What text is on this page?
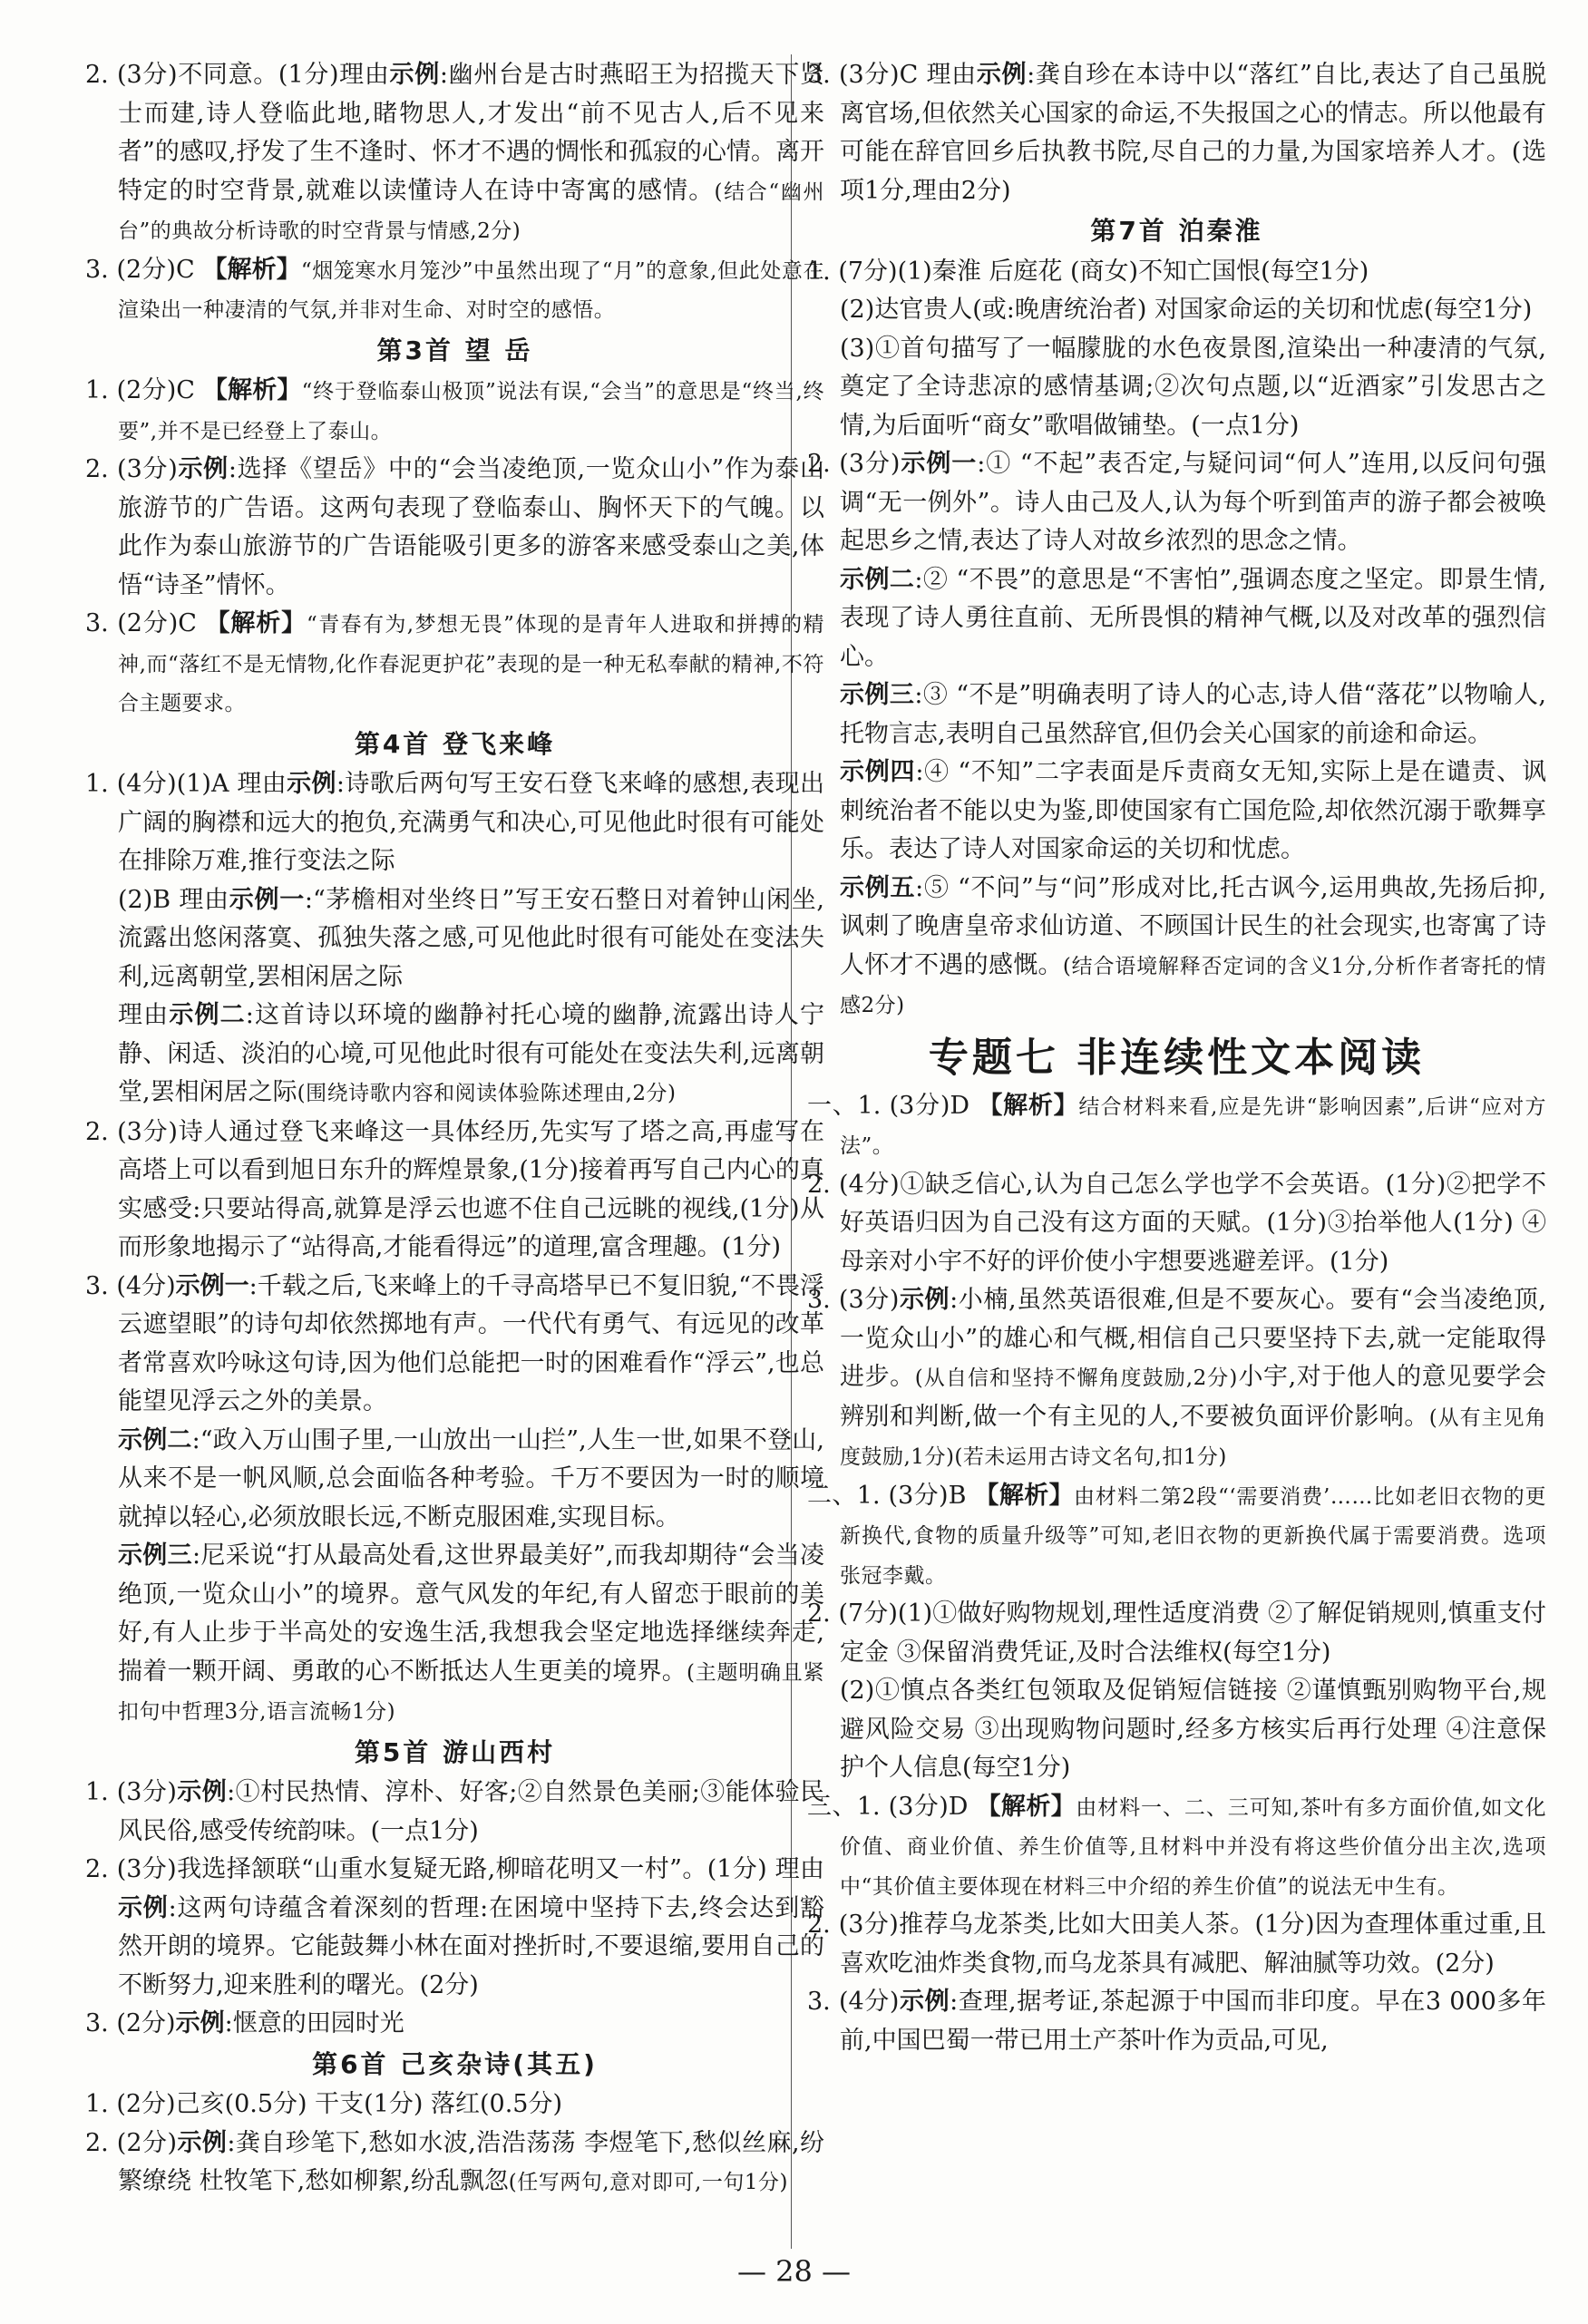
2. (3分)不同意。(1分)理由示例:幽州台是古时燕昭王为招揽天下贤士而建,诗人登临此地,睹物思人,才发出“前不见古人,后不见来者”的感叹,抒发了生不逢时、怀才不遇的惆怅和孤寂的心情。离开特定的时空背景,就难以读懂诗人在诗中寄寓的感情。(结合“幽州台”的典故分析诗歌的时空背景与情感,2分)

3. (2分)C 【解析】“烟笼寒水月笼沙”中虽然出现了“月”的意象,但此处意在渲染出一种凄清的气氛,并非对生命、对时空的感悟。

第3首 望 岳

1. (2分)C 【解析】“终于登临泰山极顶”说法有误,“会当”的意思是“终当,终要”,并不是已经登上了泰山。

2. (3分)示例:选择《望岳》中的“会当凌绝顶,一览众山小”作为泰山旅游节的广告语。这两句表现了登临泰山、胸怀天下的气魄。以此作为泰山旅游节的广告语能吸引更多的游客来感受泰山之美,体悟“诗圣”情怀。

3. (2分)C 【解析】“青春有为,梦想无畏”体现的是青年人进取和拼搏的精神,而“落红不是无情物,化作春泥更护花”表现的是一种无私奉献的精神,不符合主题要求。

第4首 登飞来峰

1. (4分)(1)A 理由示例:诗歌后两句写王安石登飞来峰的感想,表现出广阔的胸襟和远大的抱负,充满勇气和决心,可见他此时很有可能处在排除万难,推行变法之际

(2)B 理由示例一:“茅檐相对坐终日”写王安石整日对着钟山闲坐,流露出悠闲落寞、孤独失落之感,可见他此时很有可能处在变法失利,远离朝堂,罢相闲居之际

理由示例二:这首诗以环境的幽静衬托心境的幽静,流露出诗人宁静、闲适、淡泊的心境,可见他此时很有可能处在变法失利,远离朝堂,罢相闲居之际(围绕诗歌内容和阅读体验陈述理由,2分)

2. (3分)诗人通过登飞来峰这一具体经历,先实写了塔之高,再虚写在高塔上可以看到旭日东升的辉煌景象,(1分)接着再写自己内心的真实感受:只要站得高,就算是浮云也遮不住自己远眺的视线,(1分)从而形象地揭示了“站得高,才能看得远”的道理,富含理趣。(1分)

3. (4分)示例一:千载之后,飞来峰上的千寻高塔早已不复旧貌,“不畏浮云遮望眼”的诗句却依然掷地有声。一代代有勇气、有远见的改革者常喜欢吟咏这句诗,因为他们总能把一时的困难看作“浮云”,也总能望见浮云之外的美景。

示例二:“政入万山围子里,一山放出一山拦”,人生一世,如果不登山,从来不是一帆风顺,总会面临各种考验。千万不要因为一时的顺境就掉以轻心,必须放眼长远,不断克服困难,实现目标。

示例三:尼采说“打从最高处看,这世界最美好”,而我却期待“会当凌绝顶,一览众山小”的境界。意气风发的年纪,有人留恋于眼前的美好,有人止步于半高处的安逸生活,我想我会坚定地选择继续奔走,揣着一颗开阔、勇敢的心不断抵达人生更美的境界。(主题明确且紧扣句中哲理3分,语言流畅1分)

第5首 游山西村

1. (3分)示例:①村民热情、淳朴、好客;②自然景色美丽;③能体验民风民俗,感受传统韵味。(一点1分)

2. (3分)我选择颔联“山重水复疑无路,柳暗花明又一村”。(1分) 理由示例:这两句诗蕴含着深刻的哲理:在困境中坚持下去,终会达到豁然开朗的境界。它能鼓舞小林在面对挫折时,不要退缩,要用自己的不断努力,迎来胜利的曙光。(2分)

3. (2分)示例:惬意的田园时光

第6首 己亥杂诗(其五)

1. (2分)己亥(0.5分) 干支(1分) 落红(0.5分)

2. (2分)示例:龚自珍笔下,愁如水波,浩浩荡荡 李煜笔下,愁似丝麻,纷繁缭绕 杜牧笔下,愁如柳絮,纷乱飘忽(任写两句,意对即可,一句1分)

3. (3分)C 理由示例:龚自珍在本诗中以“落红”自比,表达了自己虽脱离官场,但依然关心国家的命运,不失报国之心的情志。所以他最有可能在辞官回乡后执教书院,尽自己的力量,为国家培养人才。(选项1分,理由2分)

第7首 泊秦淮

1. (7分)(1)秦淮 后庭花 (商女)不知亡国恨(每空1分)

(2)达官贵人(或:晚唐统治者) 对国家命运的关切和忧虑(每空1分)

(3)①首句描写了一幅朦胧的水色夜景图,渲染出一种凄清的气氛,奠定了全诗悲凉的感情基调;②次句点题,以“近酒家”引发思古之情,为后面听“商女”歌唱做铺垫。(一点1分)

2. (3分)示例一:① “不起”表否定,与疑问词“何人”连用,以反问句强调“无一例外”。诗人由己及人,认为每个听到笛声的游子都会被唤起思乡之情,表达了诗人对故乡浓烈的思念之情。

示例二:② “不畏”的意思是“不害怕”,强调态度之坚定。即景生情,表现了诗人勇往直前、无所畏惧的精神气概,以及对改革的强烈信心。

示例三:③ “不是”明确表明了诗人的心志,诗人借“落花”以物喻人,托物言志,表明自己虽然辞官,但仍会关心国家的前途和命运。

示例四:④ “不知”二字表面是斥责商女无知,实际上是在谴责、讽刺统治者不能以史为鉴,即使国家有亡国危险,却依然沉溺于歌舞享乐。表达了诗人对国家命运的关切和忧虑。

示例五:⑤ “不问”与“问”形成对比,托古讽今,运用典故,先扬后抑,讽刺了晚唐皇帝求仙访道、不顾国计民生的社会现实,也寄寓了诗人怀才不遇的感慨。(结合语境解释否定词的含义1分,分析作者寄托的情感2分)

专题七 非连续性文本阅读

一、1. (3分)D 【解析】结合材料来看,应是先讲“影响因素”,后讲“应对方法”。

2. (4分)①缺乏信心,认为自己怎么学也学不会英语。(1分)②把学不好英语归因为自己没有这方面的天赋。(1分)③抬举他人(1分) ④母亲对小宇不好的评价使小宇想要逃避差评。(1分)

3. (3分)示例:小楠,虽然英语很难,但是不要灰心。要有“会当凌绝顶,一览众山小”的雄心和气概,相信自己只要坚持下去,就一定能取得进步。(从自信和坚持不懈角度鼓励,2分)小宇,对于他人的意见要学会辨别和判断,做一个有主见的人,不要被负面评价影响。(从有主见角度鼓励,1分)(若未运用古诗文名句,扣1分)

二、1. (3分)B 【解析】由材料二第2段“‘需要消费’……比如老旧衣物的更新换代,食物的质量升级等”可知,老旧衣物的更新换代属于需要消费。选项张冠李戴。

2. (7分)(1)①做好购物规划,理性适度消费 ②了解促销规则,慎重支付定金 ③保留消费凭证,及时合法维权(每空1分)

(2)①慎点各类红包领取及促销短信链接 ②谨慎甄别购物平台,规避风险交易 ③出现购物问题时,经多方核实后再行处理 ④注意保护个人信息(每空1分)

三、1. (3分)D 【解析】由材料一、二、三可知,茶叶有多方面价值,如文化价值、商业价值、养生价值等,且材料中并没有将这些价值分出主次,选项中“其价值主要体现在材料三中介绍的养生价值”的说法无中生有。

2. (3分)推荐乌龙茶类,比如大田美人茶。(1分)因为查理体重过重,且喜欢吃油炸类食物,而乌龙茶具有减肥、解油腻等功效。(2分)

3. (4分)示例:查理,据考证,茶起源于中国而非印度。早在3 000多年前,中国巴蜀一带已用土产茶叶作为贡品,可见,

— 28 —
